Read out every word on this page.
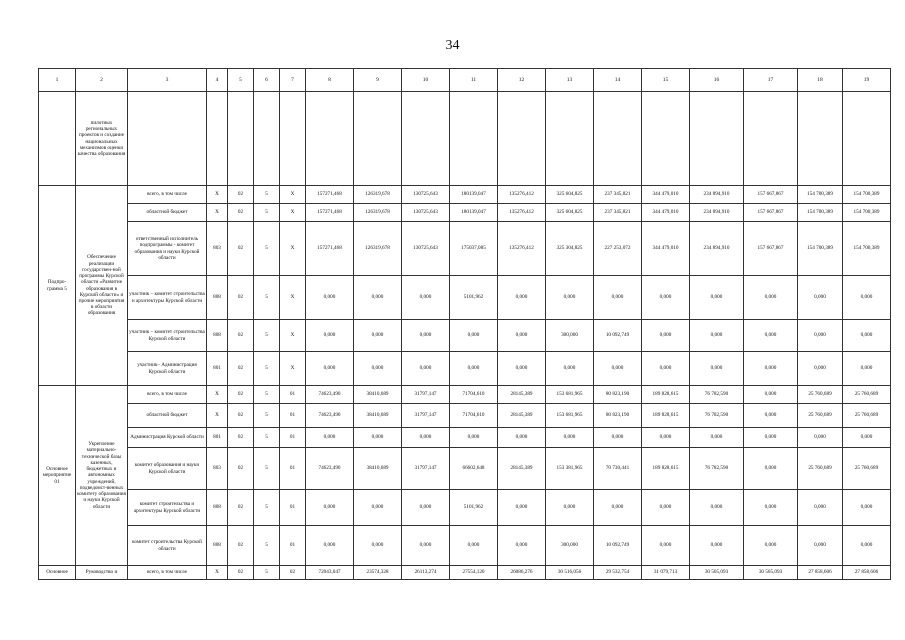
34
1	2	3	4	5	6	7	8	9	10	11	12	13	14	15	16	17	18	19
	пилотных региональных проектов и создание национальных механизмов оценки качества образования																	
Подпро-грамма 5	Обеспечение реализации государствен-ной программы Курской области «Развитие образования в Курской области» и прочие мероприятия в области образования	всего, в том числе	X	02	5	X	157271,468	126319,678	130725,643	180139,047	135276,412	325 604,825	237 345,821	344 479,010	234 894,910	157 667,867	154 700,389	154 700,389
		областной бюджет	X	02	5	X	157271,468	126319,678	130725,643	180139,047	135276,412	325 604,825	237 345,821	344 479,010	234 894,910	157 667,867	154 700,389	154 700,389
		ответственный исполнитель подпрограммы - комитет образования и науки Курской области	803	02	5	X	157271,468	126319,678	130725,643	175037,085	135276,412	325 304,825	227 253,072	344 479,010	234 894,910	157 667,867	154 700,389	154 700,389
		участник – комитет строительства и архитектуры Курской области	808	02	5	X	0,000	0,000	0,000	5101,962	0,000	0,000	0,000	0,000	0,000	0,000	0,000	0,000
		участник – комитет строительства Курской области	808	02	5	X	0,000	0,000	0,000	0,000	0,000	300,000	10 092,749	0,000	0,000	0,000	0,000	0,000
		участник– Администрация Курской области	801	02	5	X	0,000	0,000	0,000	0,000	0,000	0,000	0,000	0,000	0,000	0,000	0,000	0,000
Основное мероприятие 01	Укрепление материально-технической базы казенных, бюджетных и автономных учреждений, подведомст-венных комитету образования и науки Курской области	всего, в том числе	X	02	5	01	74623,490	38410,689	31797,147	71704,610	28145,389	153 681,965	80 823,190	189 828,615	76 782,590	0,000	25 760,689	25 760,689
		областной бюджет	X	02	5	01	74623,490	38410,689	31797,147	71704,610	28145,389	153 681,965	80 823,190	189 828,615	76 782,590	0,000	25 760,689	25 760,689
		Администрация Курской области	801	02	5	01	0,000	0,000	0,000	0,000	0,000	0,000	0,000	0,000	0,000	0,000	0,000	0,000
		комитет образования и науки Курской области	803	02	5	01	74623,490	38410,689	31797,147	66602,648	28145,389	153 381,965	70 730,441	189 828,615	76 782,590	0,000	25 760,689	25 760,689
		комитет строительства и архитектуры Курской области	808	02	5	01	0,000	0,000	0,000	5101,962	0,000	0,000	0,000	0,000	0,000	0,000	0,000	0,000
		комитет строительства Курской области	808	02	5	01	0,000	0,000	0,000	0,000	0,000	300,000	10 092,749	0,000	0,000	0,000	0,000	0,000
Основное	Руководство и	всего, в том числе	X	02	5	02	72043,047	23574,328	26113,274	27554,120	26086,276	30 516,056	29 532,754	31 079,713	30 505,093	30 505,093	27 858,606	27 858,606
